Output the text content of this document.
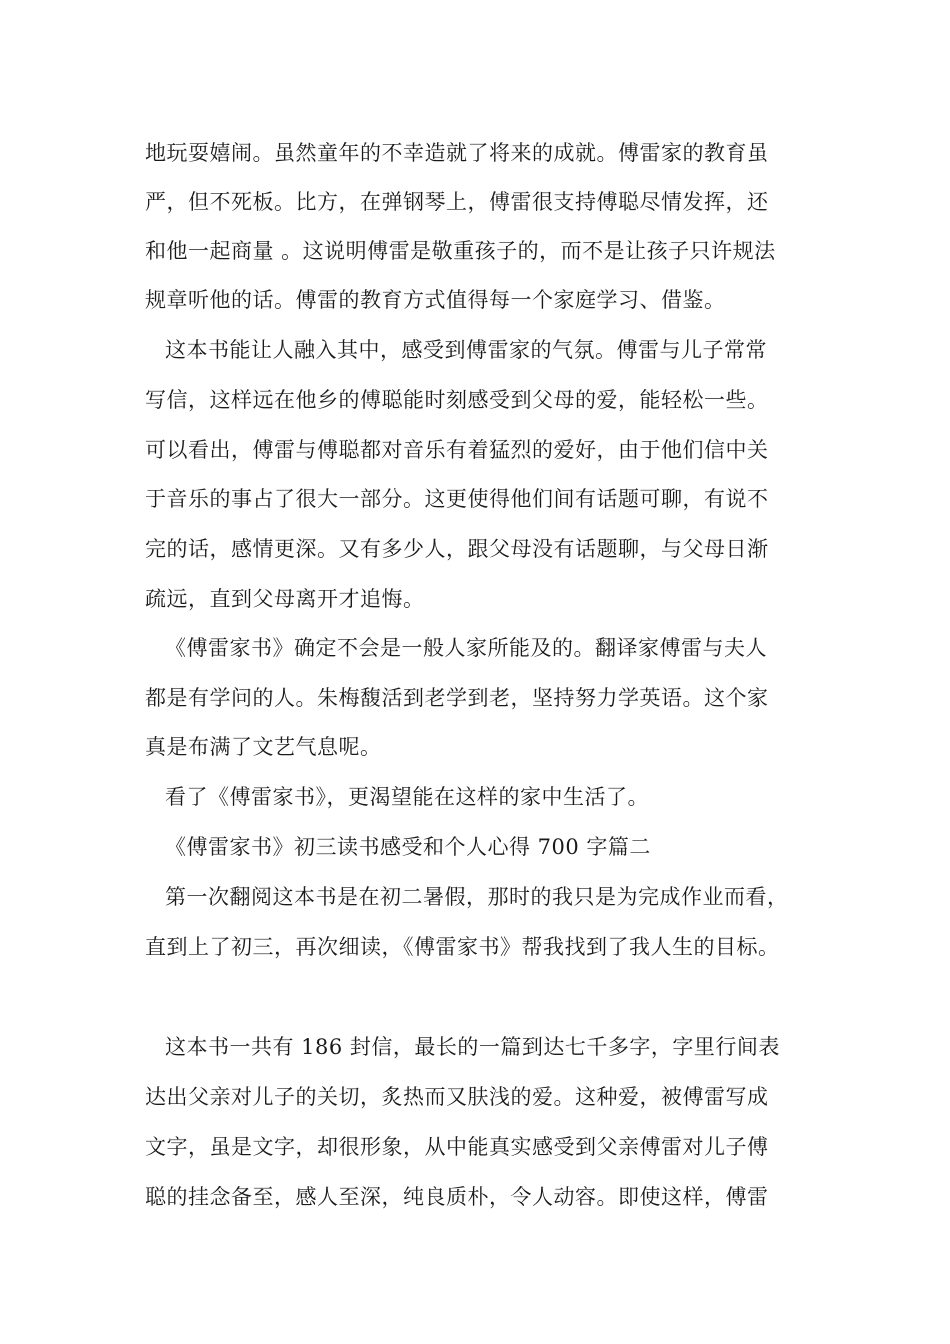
地玩耍嬉闹。虽然童年的不幸造就了将来的成就。傅雷家的教育虽
严，但不死板。比方，在弹钢琴上，傅雷很支持傅聪尽情发挥，还
和他一起商量 。这说明傅雷是敬重孩子的，而不是让孩子只许规法
规章听他的话。傅雷的教育方式值得每一个家庭学习、借鉴。
这本书能让人融入其中，感受到傅雷家的气氛。傅雷与儿子常常
写信，这样远在他乡的傅聪能时刻感受到父母的爱，能轻松一些。
可以看出，傅雷与傅聪都对音乐有着猛烈的爱好，由于他们信中关
于音乐的事占了很大一部分。这更使得他们间有话题可聊，有说不
完的话，感情更深。又有多少人，跟父母没有话题聊，与父母日渐
疏远，直到父母离开才追悔。
《傅雷家书》确定不会是一般人家所能及的。翻译家傅雷与夫人
都是有学问的人。朱梅馥活到老学到老，坚持努力学英语。这个家
真是布满了文艺气息呢。
看了《傅雷家书》，更渴望能在这样的家中生活了。
《傅雷家书》初三读书感受和个人心得 700 字篇二
第一次翻阅这本书是在初二暑假，那时的我只是为完成作业而看，
直到上了初三，再次细读，《傅雷家书》帮我找到了我人生的目标。
这本书一共有 186 封信，最长的一篇到达七千多字，字里行间表
达出父亲对儿子的关切，炙热而又肤浅的爱。这种爱，被傅雷写成
文字，虽是文字，却很形象，从中能真实感受到父亲傅雷对儿子傅
聪的挂念备至，感人至深，纯良质朴，令人动容。即使这样，傅雷
